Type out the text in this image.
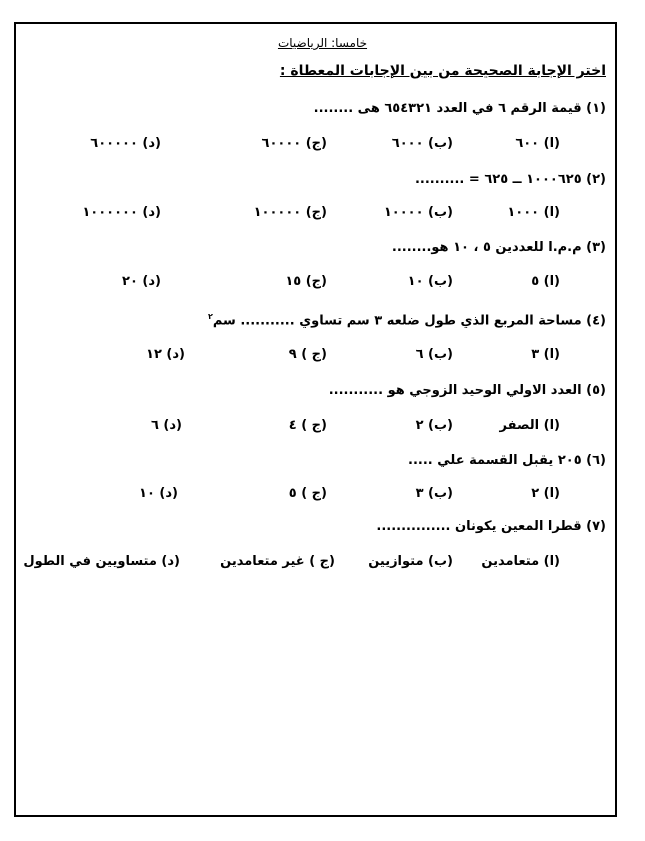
خامسا: الرياضيات
اختر الإجابة الصحيحة من بين الإجابات المعطاة :
(١) قيمة الرقم ٦ في العدد ٦٥٤٣٢١ هى ........
(ا) ٦٠٠
(ب) ٦٠٠٠
(ج) ٦٠٠٠٠
(د) ٦٠٠٠٠٠
(٢) ١٠٠٠٦٢٥ ــ ٦٢٥ = ..........
(ا) ١٠٠٠
(ب) ١٠٠٠٠
(ج) ١٠٠٠٠٠
(د) ١٠٠٠٠٠٠
(٣) م.م.ا للعددين ٥ ، ١٠ هو........
(ا) ٥
(ب) ١٠
(ج) ١٥
(د) ٢٠
(٤) مساحة المربع الذي طول ضلعه ٣ سم تساوي ........... سم$^٢$
(ا) ٣
(ب) ٦
(ج ) ٩
(د) ١٢
(٥) العدد الاولي الوحيد الزوجي هو ...........
(ا) الصفر
(ب) ٢
(ج ) ٤
(د) ٦
(٦) ٢٠٥ يقبل القسمة علي .....
(ا) ٢
(ب) ٣
(ج ) ٥
(د) ١٠
(٧) قطرا المعين يكونان ...............
(ا) متعامدين
(ب) متوازيين
(ج ) غير متعامدين
(د) متساويين في الطول
